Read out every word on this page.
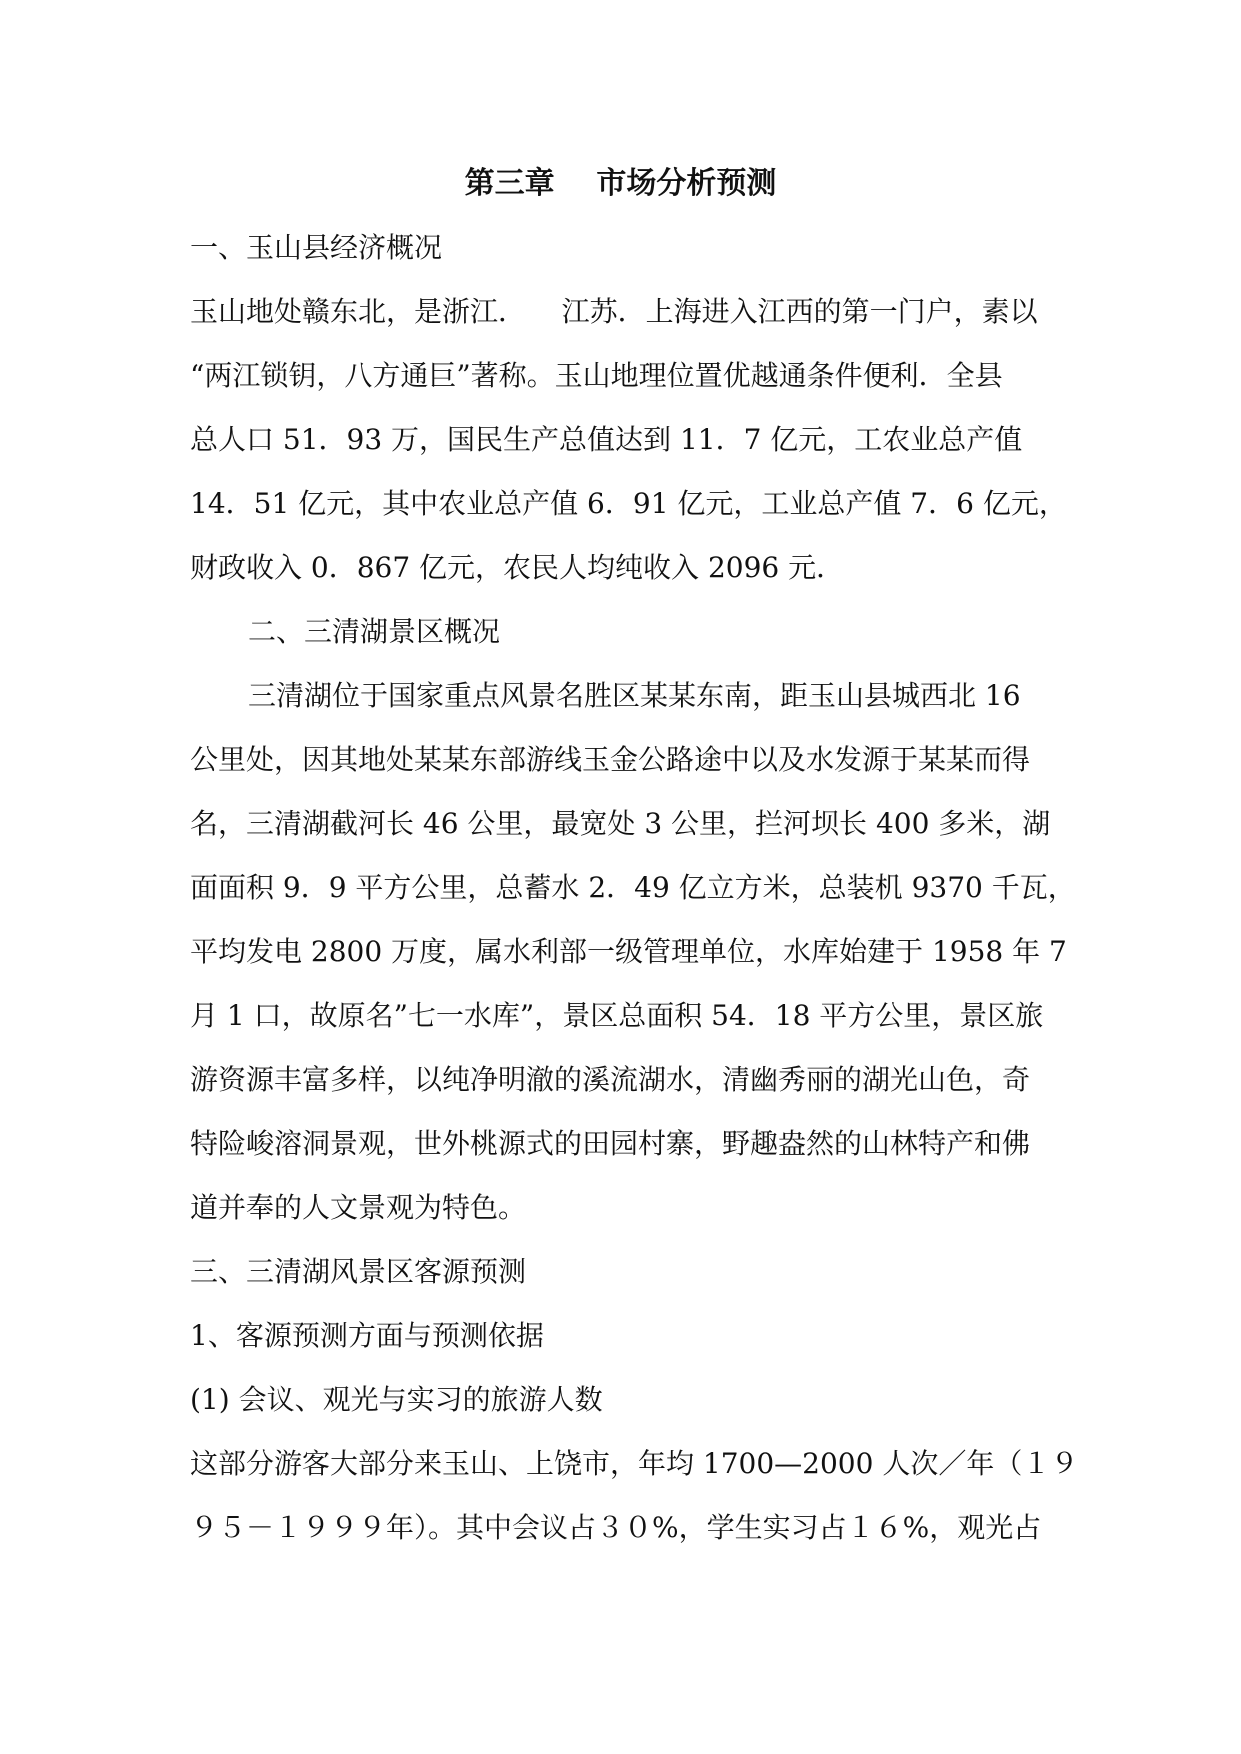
第三章    市场分析预测
一、玉山县经济概况
玉山地处赣东北，是浙江．    江苏．上海进入江西的第一门户，素以
“两江锁钥，八方通巨”著称。玉山地理位置优越通条件便利．全县
总人口 51．93 万，国民生产总值达到 11．7 亿元，工农业总产值
14．51 亿元，其中农业总产值 6．91 亿元，工业总产值 7．6 亿元，
财政收入 0．867 亿元，农民人均纯收入 2096 元．
二、三清湖景区概况
三清湖位于国家重点风景名胜区某某东南，距玉山县城西北 16
公里处，因其地处某某东部游线玉金公路途中以及水发源于某某而得
名，三清湖截河长 46 公里，最宽处 3 公里，拦河坝长 400 多米，湖
面面积 9．9 平方公里，总蓄水 2．49 亿立方米，总装机 9370 千瓦，
平均发电 2800 万度，属水利部一级管理单位，水库始建于 1958 年 7
月 1 口，故原名”七一水库”，景区总面积 54．18 平方公里，景区旅
游资源丰富多样，以纯净明澈的溪流湖水，清幽秀丽的湖光山色，奇
特险峻溶洞景观，世外桃源式的田园村寨，野趣盎然的山林特产和佛
道并奉的人文景观为特色。
三、三清湖风景区客源预测
1、客源预测方面与预测依据
(1) 会议、观光与实习的旅游人数
这部分游客大部分来玉山、上饶市，年均 1700—2000 人次／年（１９
９５－１９９９年）。其中会议占３０%，学生实习占１６%，观光占
